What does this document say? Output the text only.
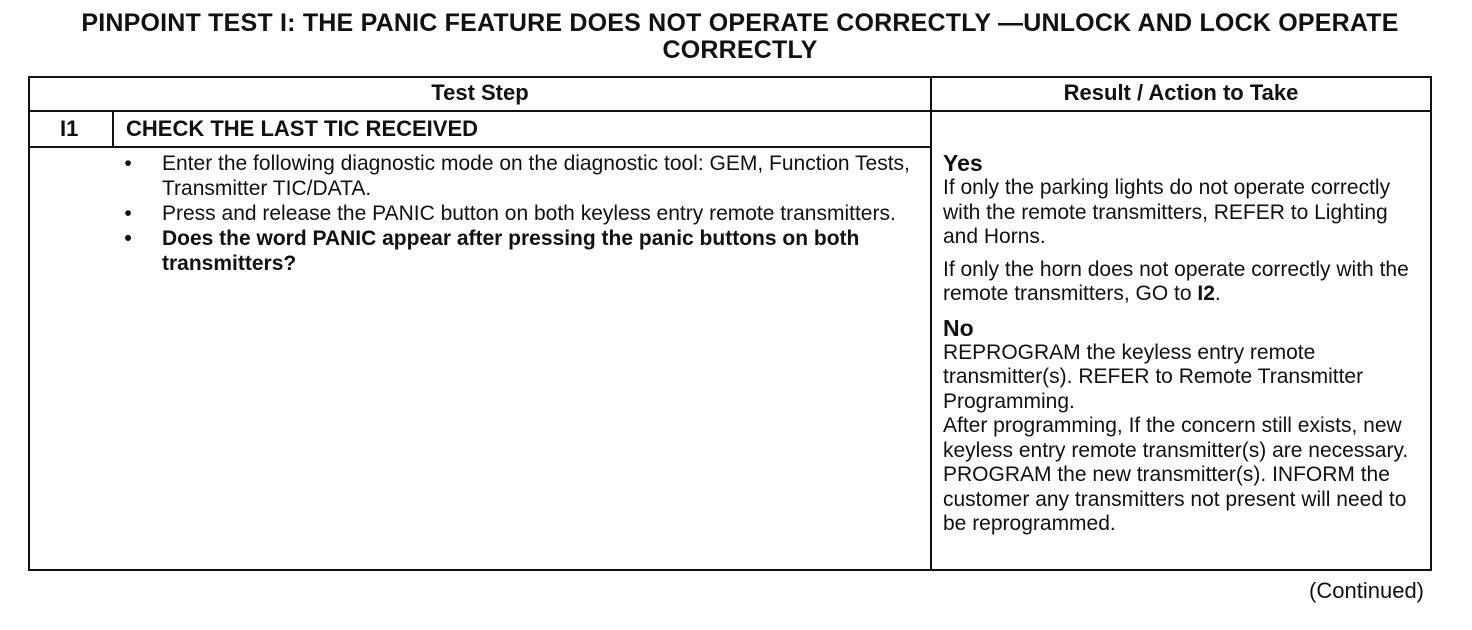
PINPOINT TEST I: THE PANIC FEATURE DOES NOT OPERATE CORRECTLY —UNLOCK AND LOCK OPERATE CORRECTLY
Test Step	Result / Action to Take
I1 CHECK THE LAST TIC RECEIVED
• Enter the following diagnostic mode on the diagnostic tool: GEM, Function Tests, Transmitter TIC/DATA.
• Press and release the PANIC button on both keyless entry remote transmitters.
• Does the word PANIC appear after pressing the panic buttons on both transmitters?
Yes

If only the parking lights do not operate correctly with the remote transmitters, REFER to Lighting and Horns.

If only the horn does not operate correctly with the remote transmitters, GO to I2.

No

REPROGRAM the keyless entry remote transmitter(s). REFER to Remote Transmitter Programming.

After programming, If the concern still exists, new keyless entry remote transmitter(s) are necessary. PROGRAM the new transmitter(s). INFORM the customer any transmitters not present will need to be reprogrammed.

(Continued)
